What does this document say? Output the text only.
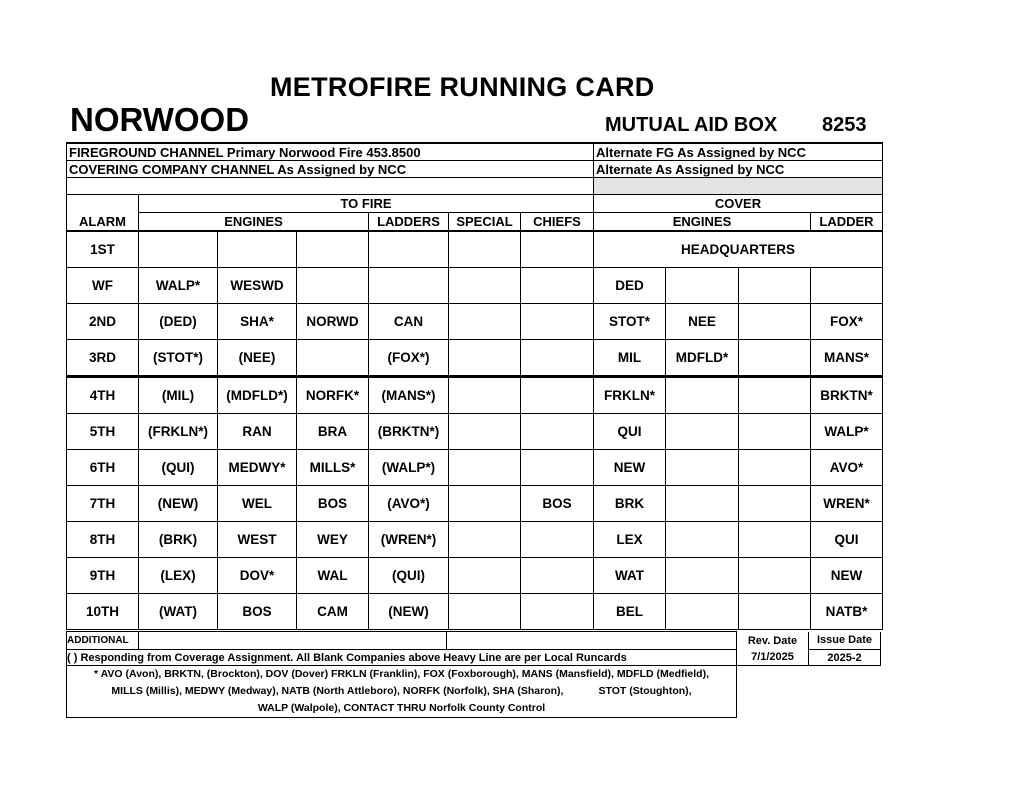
METROFIRE RUNNING CARD
NORWOOD	MUTUAL AID BOX 8253
FIREGROUND CHANNEL Primary Norwood Fire 453.8500							Alternate FG As Assigned by NCC			
COVERING COMPANY CHANNEL As Assigned by NCC							Alternate As Assigned by NCC			

	TO FIRE						COVER			
ALARM	ENGINES			LADDERS	SPECIAL	CHIEFS	ENGINES			LADDER
1ST							HEADQUARTERS			
WF	WALP*	WESWD					DED			
2ND	(DED)	SHA*	NORWD	CAN			STOT*	NEE		FOX*
3RD	(STOT*)	(NEE)		(FOX*)			MIL	MDFLD*		MANS*
4TH	(MIL)	(MDFLD*)	NORFK*	(MANS*)			FRKLN*			BRKTN*
5TH	(FRKLN*)	RAN	BRA	(BRKTN*)			QUI			WALP*
6TH	(QUI)	MEDWY*	MILLS*	(WALP*)			NEW			AVO*
7TH	(NEW)	WEL	BOS	(AVO*)		BOS	BRK			WREN*
8TH	(BRK)	WEST	WEY	(WREN*)			LEX			QUI
9TH	(LEX)	DOV*	WAL	(QUI)			WAT			NEW
10TH	(WAT)	BOS	CAM	(NEW)			BEL			NATB*
ADDITIONAL			Rev. Date	Issue Date
( ) Responding from Coverage Assignment. All Blank Companies above Heavy Line are per Local Runcards			7/1/2025	2025-2

* AVO (Avon), BRKTN, (Brockton), DOV (Dover) FRKLN (Franklin), FOX (Foxborough), MANS (Mansfield), MDFLD (Medfield),
MILLS (Millis), MEDWY (Medway), NATB (North Attleboro), NORFK (Norfolk), SHA (Sharon),            STOT (Stoughton),
WALP (Walpole), CONTACT THRU Norfolk County Control				
